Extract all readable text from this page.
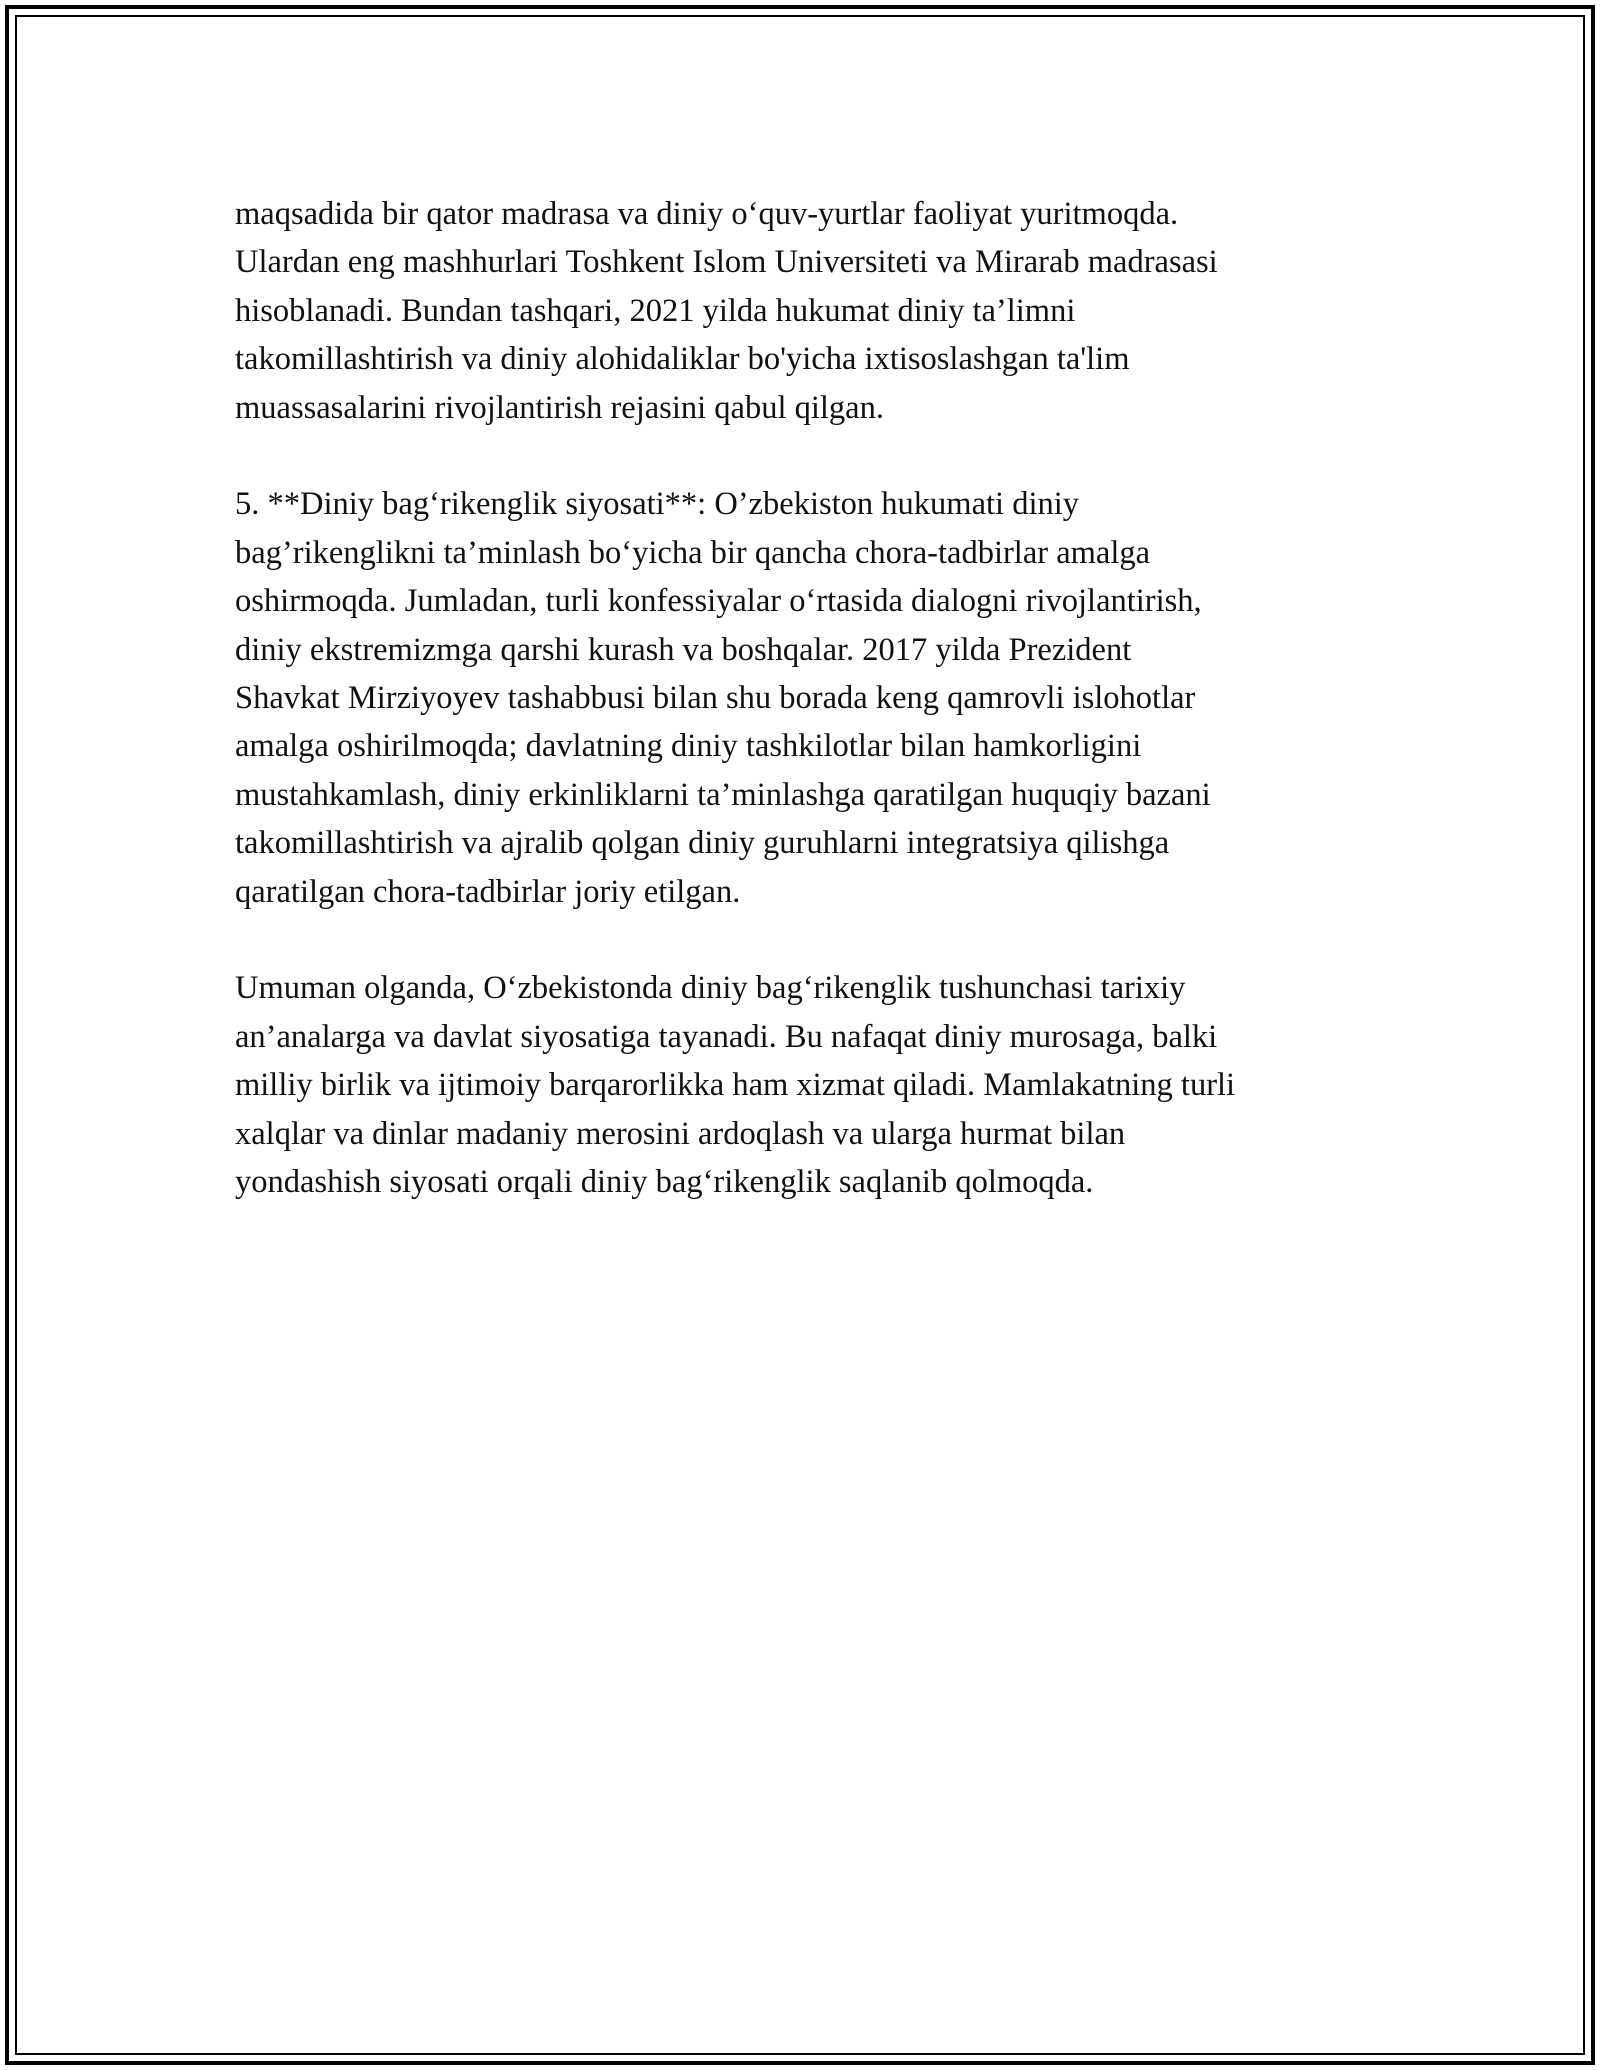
maqsadida bir qator madrasa va diniy o‘quv-yurtlar faoliyat yuritmoqda.
Ulardan eng mashhurlari Toshkent Islom Universiteti va Mirarab madrasasi
hisoblanadi. Bundan tashqari, 2021 yilda hukumat diniy ta’limni
takomillashtirish va diniy alohidaliklar bo'yicha ixtisoslashgan ta'lim
muassasalarini rivojlantirish rejasini qabul qilgan.

5. **Diniy bag‘rikenglik siyosati**: O’zbekiston hukumati diniy
bag’rikenglikni ta’minlash bo‘yicha bir qancha chora-tadbirlar amalga
oshirmoqda. Jumladan, turli konfessiyalar o‘rtasida dialogni rivojlantirish,
diniy ekstremizmga qarshi kurash va boshqalar. 2017 yilda Prezident
Shavkat Mirziyoyev tashabbusi bilan shu borada keng qamrovli islohotlar
amalga oshirilmoqda; davlatning diniy tashkilotlar bilan hamkorligini
mustahkamlash, diniy erkinliklarni ta’minlashga qaratilgan huquqiy bazani
takomillashtirish va ajralib qolgan diniy guruhlarni integratsiya qilishga
qaratilgan chora-tadbirlar joriy etilgan.

Umuman olganda, O‘zbekistonda diniy bag‘rikenglik tushunchasi tarixiy
an’analarga va davlat siyosatiga tayanadi. Bu nafaqat diniy murosaga, balki
milliy birlik va ijtimoiy barqarorlikka ham xizmat qiladi. Mamlakatning turli
xalqlar va dinlar madaniy merosini ardoqlash va ularga hurmat bilan
yondashish siyosati orqali diniy bag‘rikenglik saqlanib qolmoqda.
